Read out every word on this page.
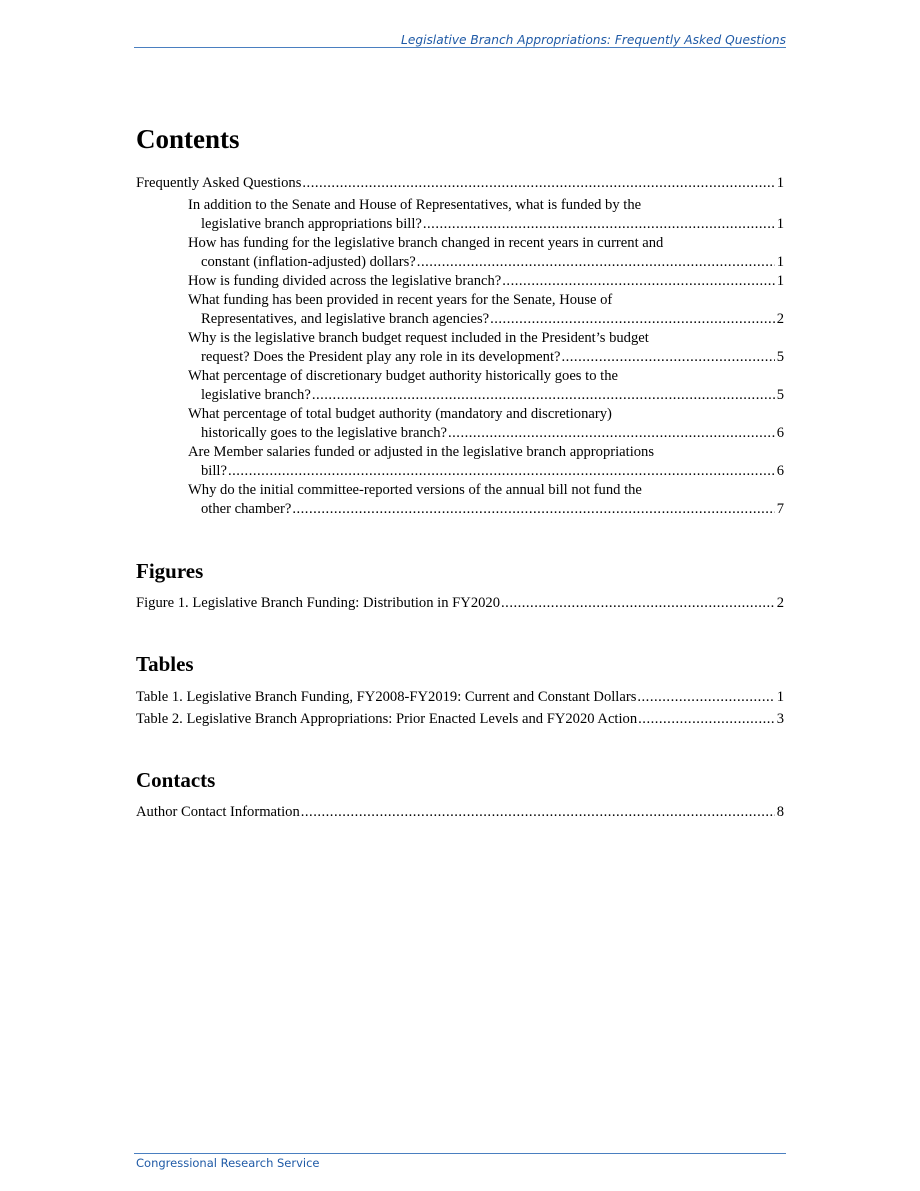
Legislative Branch Appropriations: Frequently Asked Questions
Contents
Frequently Asked Questions .....	1
In addition to the Senate and House of Representatives, what is funded by the
legislative branch appropriations bill? .....	1
How has funding for the legislative branch changed in recent years in current and
constant (inflation-adjusted) dollars? .....	1
How is funding divided across the legislative branch? .....	1
What funding has been provided in recent years for the Senate, House of
Representatives, and legislative branch agencies? .....	2
Why is the legislative branch budget request included in the President’s budget
request? Does the President play any role in its development? .....	5
What percentage of discretionary budget authority historically goes to the
legislative branch? .....	5
What percentage of total budget authority (mandatory and discretionary)
historically goes to the legislative branch? .....	6
Are Member salaries funded or adjusted in the legislative branch appropriations
bill? .....	6
Why do the initial committee-reported versions of the annual bill not fund the
other chamber? .....	7
Figures
Figure 1. Legislative Branch Funding: Distribution in FY2020 .....	2
Tables
Table 1. Legislative Branch Funding, FY2008-FY2019: Current and Constant Dollars .....	1
Table 2. Legislative Branch Appropriations: Prior Enacted Levels and FY2020 Action .....	3
Contacts
Author Contact Information .....	8
Congressional Research Service
